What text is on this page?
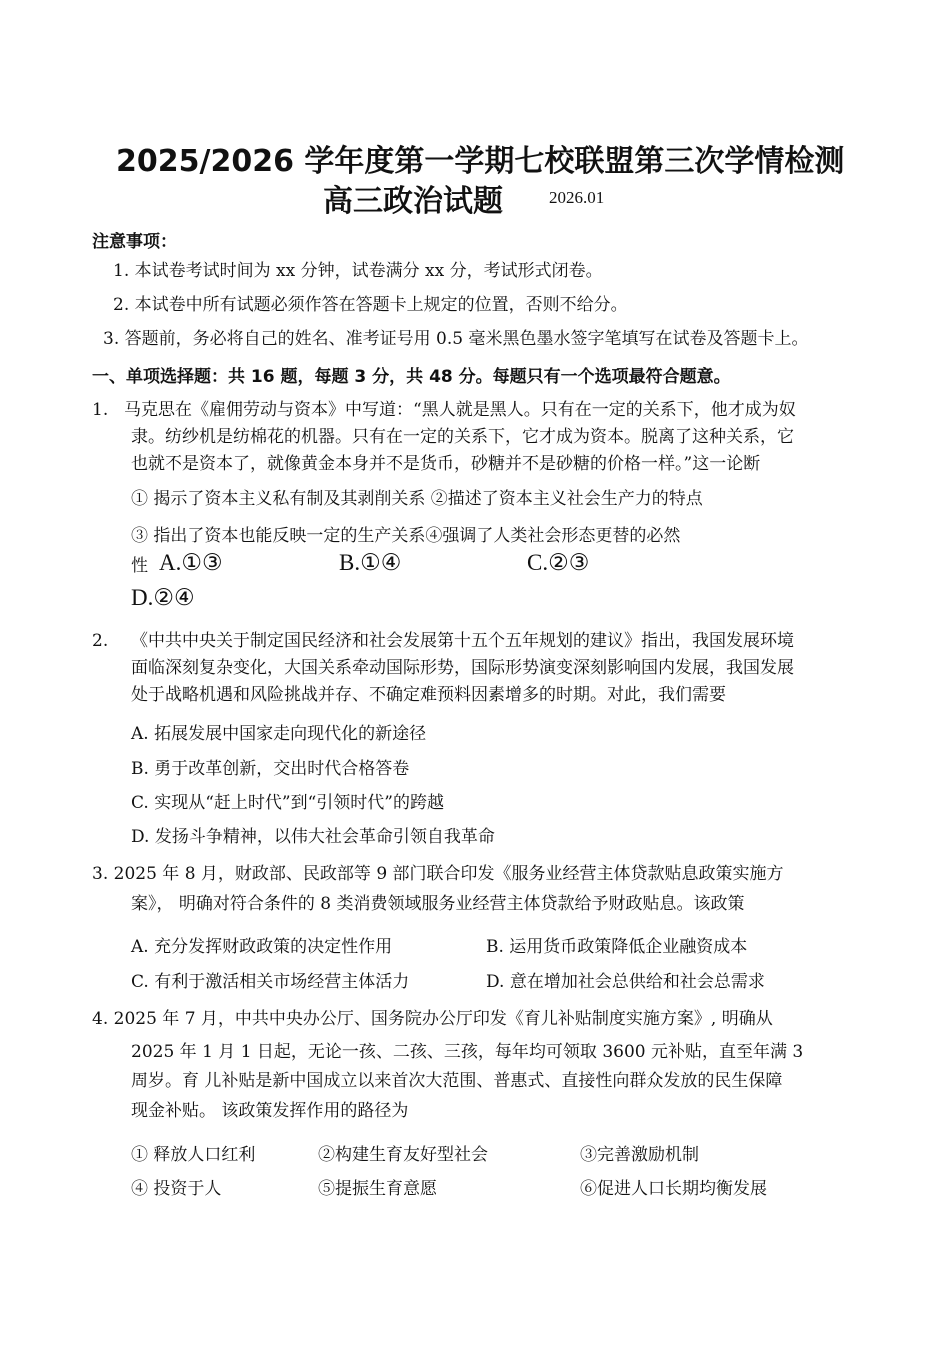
2025/2026 学年度第一学期七校联盟第三次学情检测
高三政治试题	2026.01
注意事项：
1. 本试卷考试时间为 xx 分钟，试卷满分 xx 分，考试形式闭卷。
2. 本试卷中所有试题必须作答在答题卡上规定的位置，否则不给分。
3. 答题前，务必将自己的姓名、准考证号用 0.5 毫米黑色墨水签字笔填写在试卷及答题卡上。
一、单项选择题：共 16 题，每题 3 分，共 48 分。每题只有一个选项最符合题意。
1. 马克思在《雇佣劳动与资本》中写道：“黑人就是黑人。只有在一定的关系下，他才成为奴
隶。纺纱机是纺棉花的机器。只有在一定的关系下，它才成为资本。脱离了这种关系，它
也就不是资本了，就像黄金本身并不是货币，砂糖并不是砂糖的价格一样。”这一论断
① 揭示了资本主义私有制及其剥削关系 ②描述了资本主义社会生产力的特点
③ 指出了资本也能反映一定的生产关系④强调了人类社会形态更替的必然
性 A.①③	B.①④	C.②③
D.②④
2. 《中共中央关于制定国民经济和社会发展第十五个五年规划的建议》指出，我国发展环境
面临深刻复杂变化，大国关系牵动国际形势，国际形势演变深刻影响国内发展，我国发展
处于战略机遇和风险挑战并存、不确定难预料因素增多的时期。对此，我们需要
A. 拓展发展中国家走向现代化的新途径
B. 勇于改革创新，交出时代合格答卷
C. 实现从“赶上时代”到“引领时代”的跨越
D. 发扬斗争精神，以伟大社会革命引领自我革命
3. 2025 年 8 月，财政部、民政部等 9 部门联合印发《服务业经营主体贷款贴息政策实施方
案》， 明确对符合条件的 8 类消费领域服务业经营主体贷款给予财政贴息。该政策
A. 充分发挥财政政策的决定性作用	B. 运用货币政策降低企业融资成本
C. 有利于激活相关市场经营主体活力	D. 意在增加社会总供给和社会总需求
4. 2025 年 7 月，中共中央办公厅、国务院办公厅印发《育儿补贴制度实施方案》, 明确从
2025 年 1 月 1 日起，无论一孩、二孩、三孩，每年均可领取 3600 元补贴，直至年满 3
周岁。育 儿补贴是新中国成立以来首次大范围、普惠式、直接性向群众发放的民生保障
现金补贴。 该政策发挥作用的路径为
① 释放人口红利	②构建生育友好型社会	③完善激励机制
④ 投资于人	⑤提振生育意愿	⑥促进人口长期均衡发展
